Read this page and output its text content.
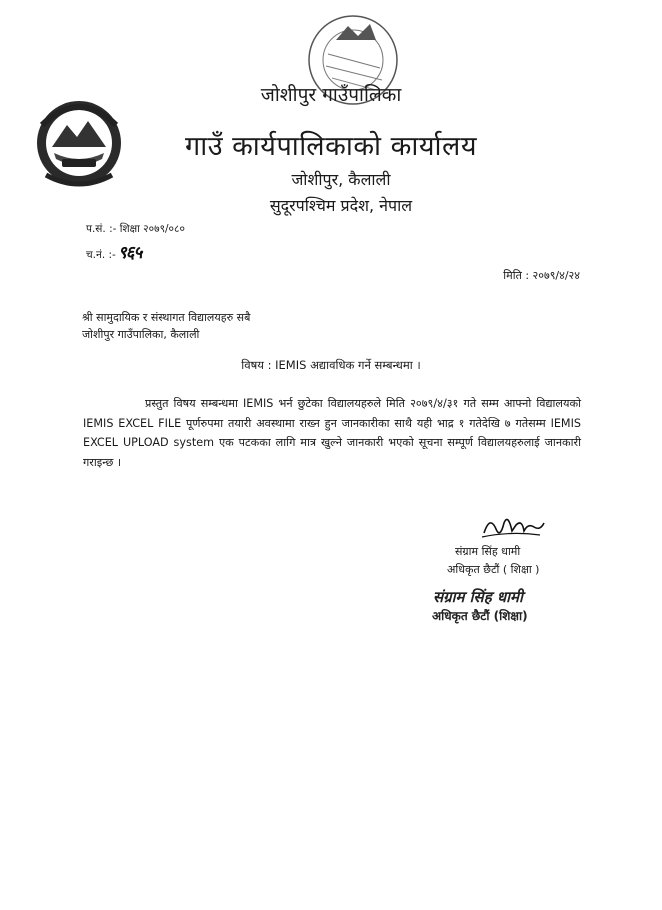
जोशीपुर गाउँपालिका
गाउँ कार्यपालिकाको कार्यालय
जोशीपुर, कैलाली
सुदूरपश्चिम प्रदेश, नेपाल
प.सं. :- शिक्षा २०७९/०८०
च.नं. :- ९६५
मिति : २०७९/४/२४
श्री सामुदायिक र संस्थागत विद्यालयहरु सबै
जोशीपुर गाउँपालिका, कैलाली
विषय : IEMIS अद्यावधिक गर्ने सम्बन्धमा ।
प्रस्तुत विषय सम्बन्धमा IEMIS भर्न छुटेका विद्यालयहरुले मिति २०७९/४/३१ गते सम्म आफ्नो विद्यालयको IEMIS EXCEL FILE पूर्णरुपमा तयारी अवस्थामा राख्न हुन जानकारीका साथै यही भाद्र १ गतेदेखि ७ गतेसम्म IEMIS EXCEL UPLOAD system एक पटकका लागि मात्र खुल्ने जानकारी भएको सूचना सम्पूर्ण विद्यालयहरुलाई जानकारी गराइन्छ ।
संग्राम सिंह धामी
अधिकृत छैटौं ( शिक्षा )
संग्राम सिंह धामी
अधिकृत छैटौं (शिक्षा)
